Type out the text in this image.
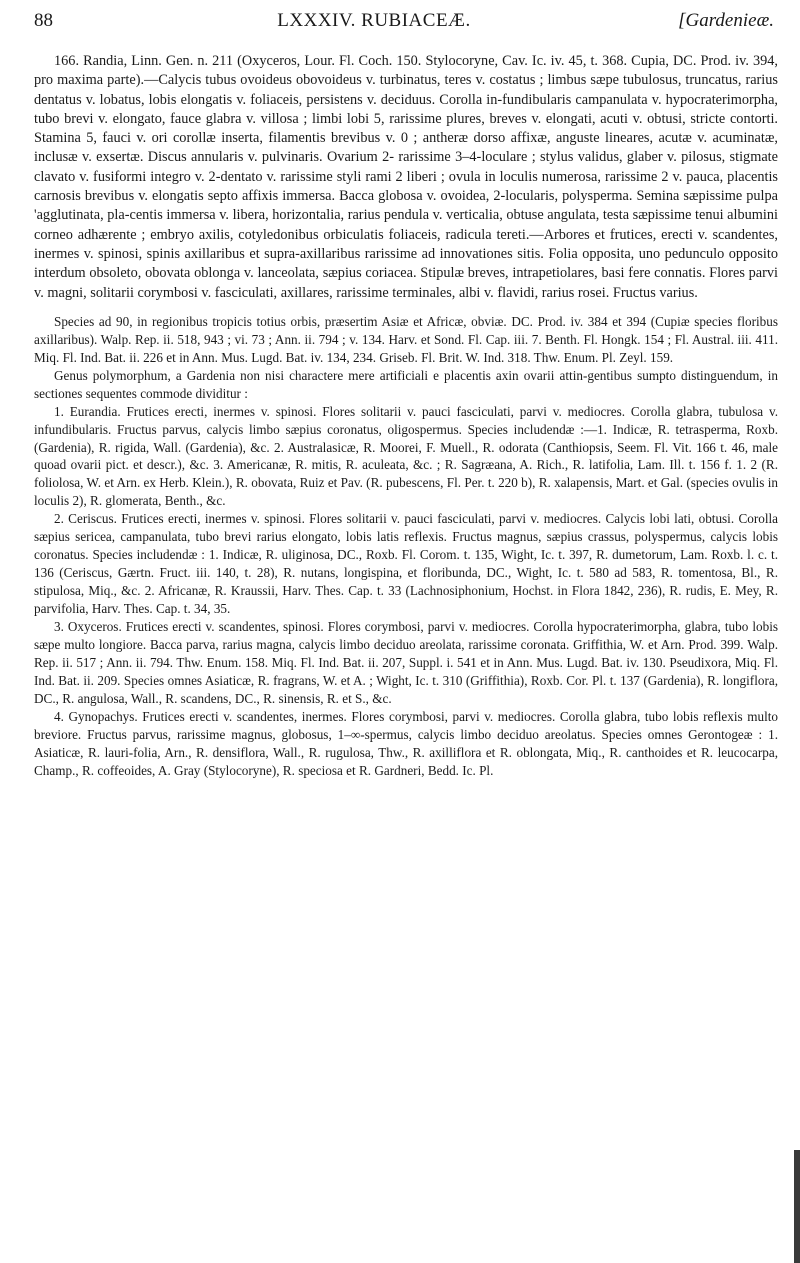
88	LXXXIV. RUBIACEÆ.	[Gardenieæ.

166. Randia, Linn. Gen. n. 211 (Oxyceros, Lour. Fl. Coch. 150. Stylocoryne, Cav. Ic. iv. 45, t. 368. Cupia, DC. Prod. iv. 394, pro maxima parte).—Calycis tubus ovoideus obovoideus v. turbinatus, teres v. costatus ; limbus sæpe tubulosus, truncatus, rarius dentatus v. lobatus, lobis elongatis v. foliaceis, persistens v. deciduus. Corolla in-fundibularis campanulata v. hypocraterimorpha, tubo brevi v. elongato, fauce glabra v. villosa ; limbi lobi 5, rarissime plures, breves v. elongati, acuti v. obtusi, stricte contorti. Stamina 5, fauci v. ori corollæ inserta, filamentis brevibus v. 0 ; antheræ dorso affixæ, anguste lineares, acutæ v. acuminatæ, inclusæ v. exsertæ. Discus annularis v. pulvinaris. Ovarium 2- rarissime 3–4-loculare ; stylus validus, glaber v. pilosus, stigmate clavato v. fusiformi integro v. 2-dentato v. rarissime styli rami 2 liberi ; ovula in loculis numerosa, rarissime 2 v. pauca, placentis carnosis brevibus v. elongatis septo affixis immersa. Bacca globosa v. ovoidea, 2-locularis, polysperma. Semina sæpissime pulpa 'agglutinata, pla-centis immersa v. libera, horizontalia, rarius pendula v. verticalia, obtuse angulata, testa sæpissime tenui albumini corneo adhærente ; embryo axilis, cotyledonibus orbiculatis foliaceis, radicula tereti.—Arbores et frutices, erecti v. scandentes, inermes v. spinosi, spinis axillaribus et supra-axillaribus rarissime ad innovationes sitis. Folia opposita, uno pedunculo opposito interdum obsoleto, obovata oblonga v. lanceolata, sæpius coriacea. Stipulæ breves, intrapetiolares, basi fere connatis. Flores parvi v. magni, solitarii corymbosi v. fasciculati, axillares, rarissime terminales, albi v. flavidi, rarius rosei. Fructus varius.

Species ad 90, in regionibus tropicis totius orbis, præsertim Asiæ et Africæ, obviæ. DC. Prod. iv. 384 et 394 (Cupiæ species floribus axillaribus). Walp. Rep. ii. 518, 943 ; vi. 73 ; Ann. ii. 794 ; v. 134. Harv. et Sond. Fl. Cap. iii. 7. Benth. Fl. Hongk. 154 ; Fl. Austral. iii. 411. Miq. Fl. Ind. Bat. ii. 226 et in Ann. Mus. Lugd. Bat. iv. 134, 234. Griseb. Fl. Brit. W. Ind. 318. Thw. Enum. Pl. Zeyl. 159.

Genus polymorphum, a Gardenia non nisi charactere mere artificiali e placentis axin ovarii attin-gentibus sumpto distinguendum, in sectiones sequentes commode dividitur :

1. Eurandia. Frutices erecti, inermes v. spinosi. Flores solitarii v. pauci fasciculati, parvi v. mediocres. Corolla glabra, tubulosa v. infundibularis. Fructus parvus, calycis limbo sæpius coronatus, oligospermus. Species includendæ :—1. Indicæ, R. tetrasperma, Roxb. (Gardenia), R. rigida, Wall. (Gardenia), &c. 2. Australasicæ, R. Moorei, F. Muell., R. odorata (Canthiopsis, Seem. Fl. Vit. 166 t. 46, male quoad ovarii pict. et descr.), &c. 3. Americanæ, R. mitis, R. aculeata, &c. ; R. Sagræana, A. Rich., R. latifolia, Lam. Ill. t. 156 f. 1. 2 (R. foliolosa, W. et Arn. ex Herb. Klein.), R. obovata, Ruiz et Pav. (R. pubescens, Fl. Per. t. 220 b), R. xalapensis, Mart. et Gal. (species ovulis in loculis 2), R. glomerata, Benth., &c.

2. Ceriscus. Frutices erecti, inermes v. spinosi. Flores solitarii v. pauci fasciculati, parvi v. mediocres. Calycis lobi lati, obtusi. Corolla sæpius sericea, campanulata, tubo brevi rarius elongato, lobis latis reflexis. Fructus magnus, sæpius crassus, polyspermus, calycis lobis coronatus. Species includendæ : 1. Indicæ, R. uliginosa, DC., Roxb. Fl. Corom. t. 135, Wight, Ic. t. 397, R. dumetorum, Lam. Roxb. l. c. t. 136 (Ceriscus, Gærtn. Fruct. iii. 140, t. 28), R. nutans, longispina, et floribunda, DC., Wight, Ic. t. 580 ad 583, R. tomentosa, Bl., R. stipulosa, Miq., &c. 2. Africanæ, R. Kraussii, Harv. Thes. Cap. t. 33 (Lachnosiphonium, Hochst. in Flora 1842, 236), R. rudis, E. Mey, R. parvifolia, Harv. Thes. Cap. t. 34, 35.

3. Oxyceros. Frutices erecti v. scandentes, spinosi. Flores corymbosi, parvi v. mediocres. Corolla hypocraterimorpha, glabra, tubo lobis sæpe multo longiore. Bacca parva, rarius magna, calycis limbo deciduo areolata, rarissime coronata. Griffithia, W. et Arn. Prod. 399. Walp. Rep. ii. 517 ; Ann. ii. 794. Thw. Enum. 158. Miq. Fl. Ind. Bat. ii. 207, Suppl. i. 541 et in Ann. Mus. Lugd. Bat. iv. 130. Pseudixora, Miq. Fl. Ind. Bat. ii. 209. Species omnes Asiaticæ, R. fragrans, W. et A. ; Wight, Ic. t. 310 (Griffithia), Roxb. Cor. Pl. t. 137 (Gardenia), R. longiflora, DC., R. angulosa, Wall., R. scandens, DC., R. sinensis, R. et S., &c.

4. Gynopachys. Frutices erecti v. scandentes, inermes. Flores corymbosi, parvi v. mediocres. Corolla glabra, tubo lobis reflexis multo breviore. Fructus parvus, rarissime magnus, globosus, 1–∞-spermus, calycis limbo deciduo areolatus. Species omnes Gerontogeæ : 1. Asiaticæ, R. lauri-folia, Arn., R. densiflora, Wall., R. rugulosa, Thw., R. axilliflora et R. oblongata, Miq., R. canthoides et R. leucocarpa, Champ., R. coffeoides, A. Gray (Stylocoryne), R. speciosa et R. Gardneri, Bedd. Ic. Pl.
